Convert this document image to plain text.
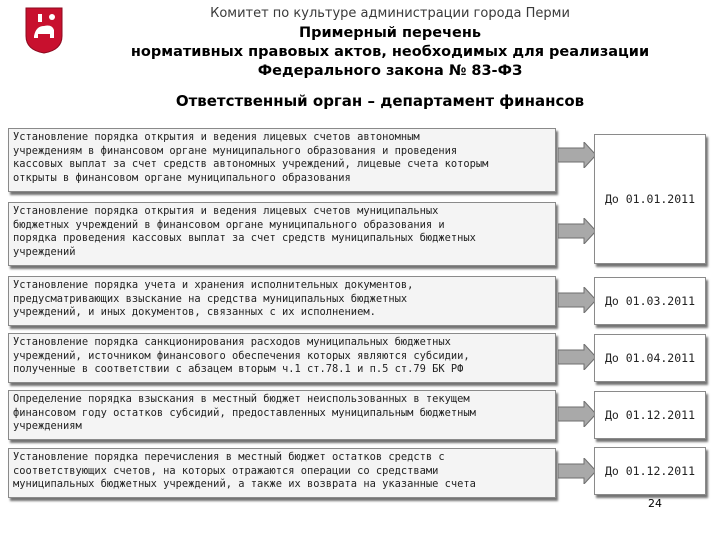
Комитет по культуре администрации города Перми
Примерный перечень
нормативных правовых актов, необходимых для реализации
Федерального закона № 83-ФЗ
Ответственный орган – департамент финансов
Установление порядка открытия и ведения лицевых счетов автономным
учреждениям в финансовом органе муниципального образования и проведения
кассовых выплат за счет средств автономных учреждений, лицевые счета которым
открыты в финансовом органе муниципального образования
Установление порядка открытия и ведения лицевых счетов муниципальных
бюджетных учреждений в финансовом органе муниципального образования и
порядка проведения кассовых выплат за счет средств муниципальных бюджетных
учреждений
Установление порядка учета и хранения исполнительных документов,
предусматривающих взыскание на средства муниципальных бюджетных
учреждений, и иных документов, связанных с их исполнением.
Установление порядка санкционирования расходов муниципальных бюджетных
учреждений, источником финансового обеспечения которых являются субсидии,
полученные в соответствии с абзацем вторым ч.1 ст.78.1 и п.5 ст.79 БК РФ
Определение порядка взыскания в местный бюджет неиспользованных в текущем
финансовом году остатков субсидий, предоставленных муниципальным бюджетным
учреждениям
Установление порядка перечисления в местный бюджет остатков средств с
соответствующих счетов, на которых отражаются операции со средствами
муниципальных бюджетных учреждений, а также их возврата на указанные счета
До 01.01.2011
До 01.03.2011
До 01.04.2011
До 01.12.2011
До 01.12.2011
24
